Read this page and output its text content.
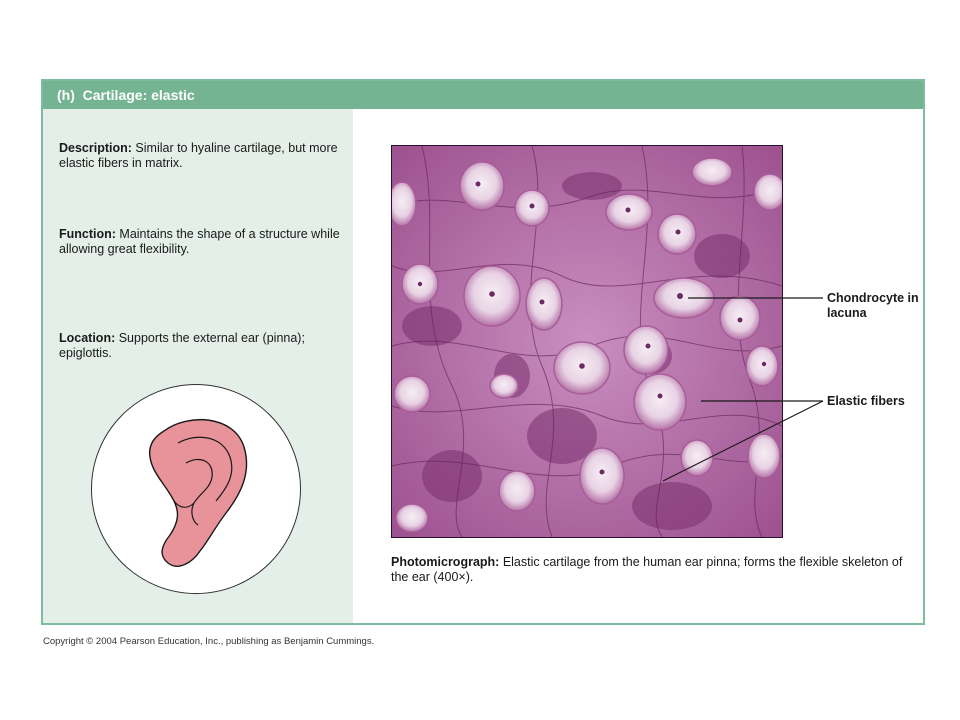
(h)  Cartilage: elastic
Description: Similar to hyaline cartilage, but more elastic fibers in matrix.
Function: Maintains the shape of a structure while allowing great flexibility.
Location: Supports the external ear (pinna); epiglottis.
Chondrocyte in lacuna
Elastic fibers
Photomicrograph: Elastic cartilage from the human ear pinna; forms the flexible skeleton of the ear (400×).
Copyright © 2004 Pearson Education, Inc., publishing as Benjamin Cummings.
